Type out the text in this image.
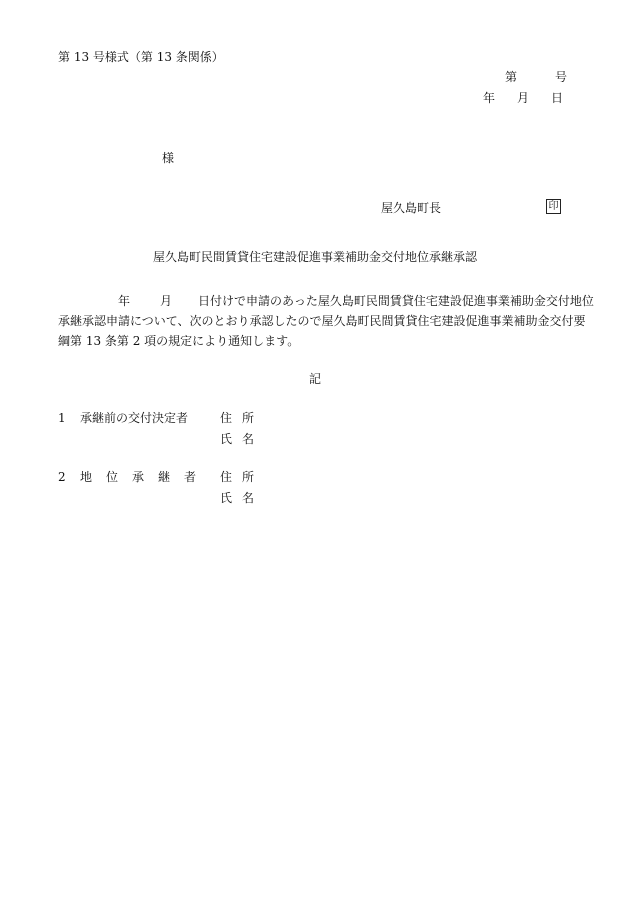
第 13 号様式（第 13 条関係）
第	号
年 月 日
様
屋久島町長	印
屋久島町民間賃貸住宅建設促進事業補助金交付地位承継承認
年	月 日付けで申請のあった屋久島町民間賃貸住宅建設促進事業補助金交付地位
承継承認申請について、次のとおり承認したので屋久島町民間賃貸住宅建設促進事業補助金交付要
綱第 13 条第 2 項の規定により通知します。
記
1 承継前の交付決定者	住所
氏名
2 地位承継者 住所
氏名
